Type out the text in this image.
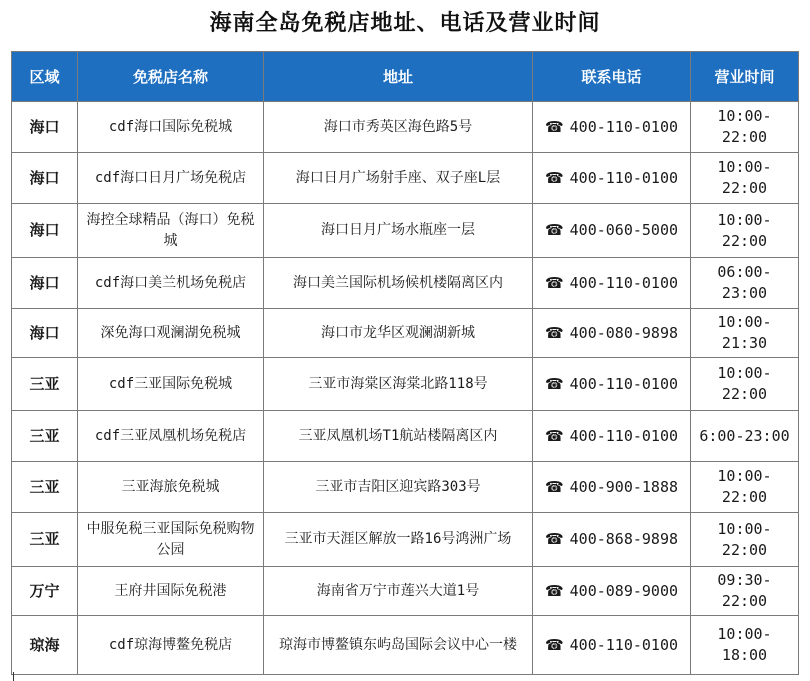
海南全岛免税店地址、电话及营业时间
区域	免税店名称	地址	联系电话	营业时间
海口	cdf海口国际免税城	海口市秀英区海色路5号	☎ 400-110-0100	10:00-22:00
海口	cdf海口日月广场免税店	海口日月广场射手座、双子座L层	☎ 400-110-0100	10:00-22:00
海口	海控全球精品（海口）免税城	海口日月广场水瓶座一层	☎ 400-060-5000	10:00-22:00
海口	cdf海口美兰机场免税店	海口美兰国际机场候机楼隔离区内	☎ 400-110-0100	06:00-23:00
海口	深免海口观澜湖免税城	海口市龙华区观澜湖新城	☎ 400-080-9898	10:00-21:30
三亚	cdf三亚国际免税城	三亚市海棠区海棠北路118号	☎ 400-110-0100	10:00-22:00
三亚	cdf三亚凤凰机场免税店	三亚凤凰机场T1航站楼隔离区内	☎ 400-110-0100	6:00-23:00
三亚	三亚海旅免税城	三亚市吉阳区迎宾路303号	☎ 400-900-1888	10:00-22:00
三亚	中服免税三亚国际免税购物公园	三亚市天涯区解放一路16号鸿洲广场	☎ 400-868-9898	10:00-22:00
万宁	王府井国际免税港	海南省万宁市莲兴大道1号	☎ 400-089-9000	09:30-22:00
琼海	cdf琼海博鳌免税店	琼海市博鳌镇东屿岛国际会议中心一楼	☎ 400-110-0100	10:00-18:00
